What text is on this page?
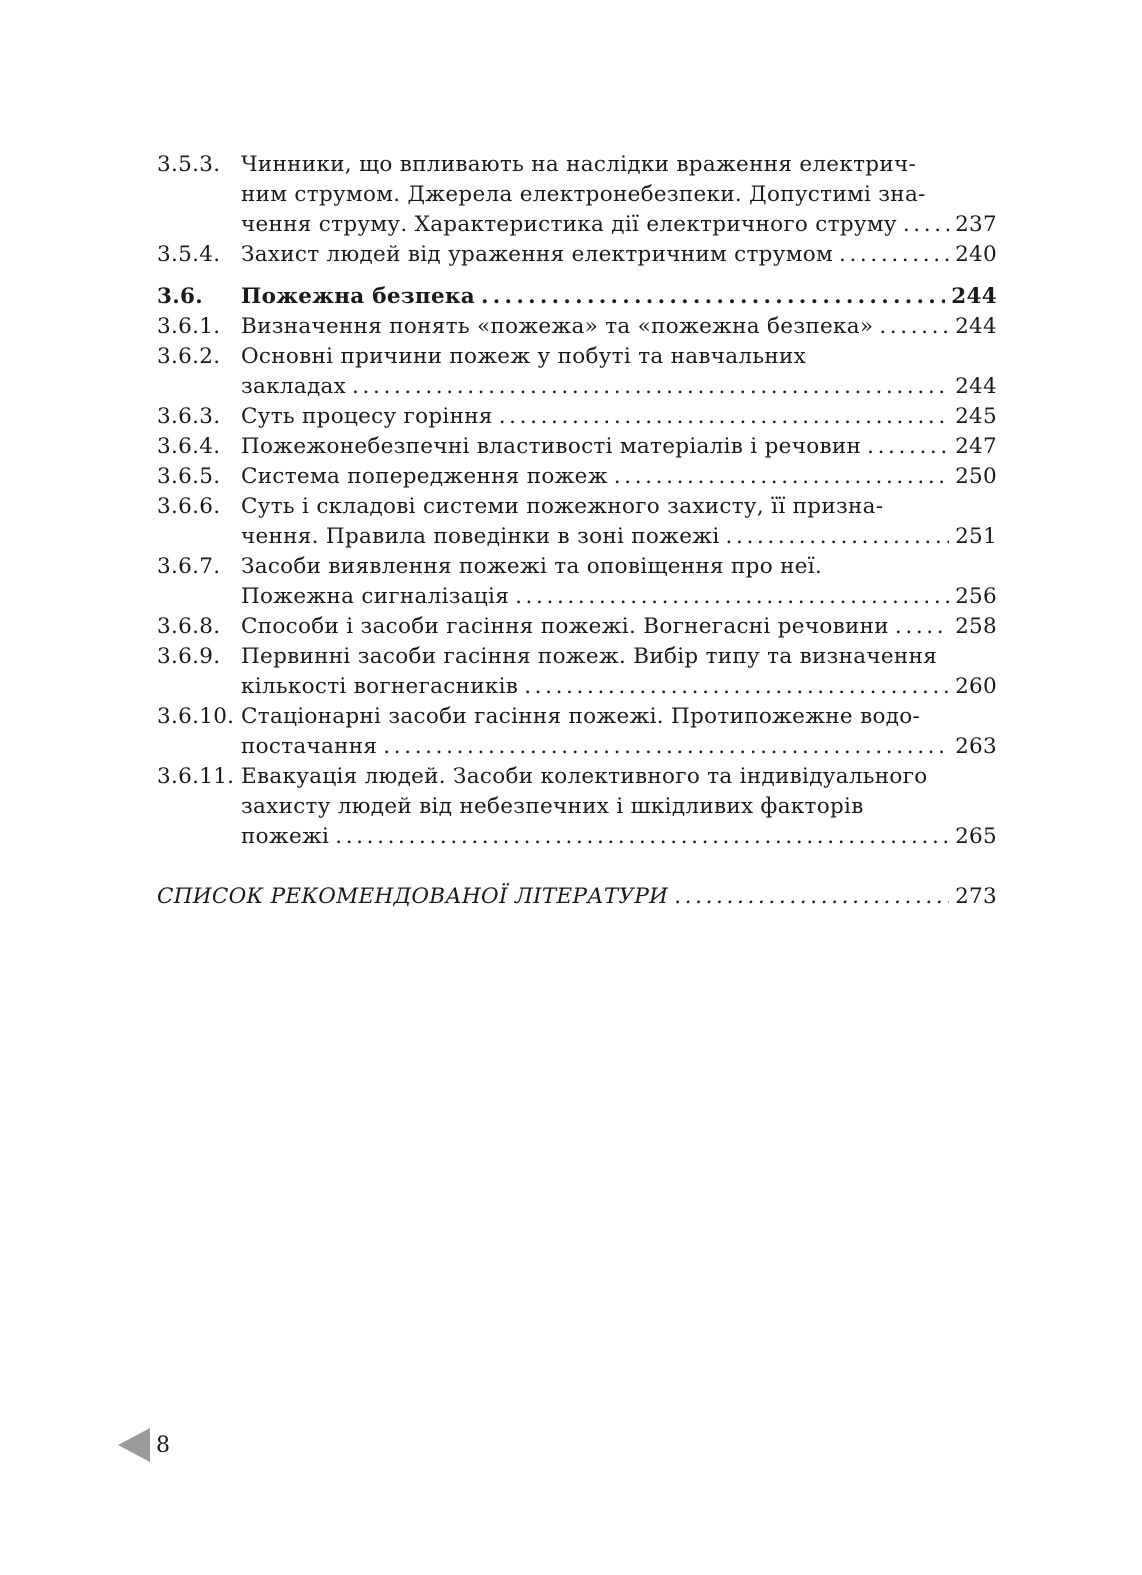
3.5.3. Чинники, що впливають на наслідки враження електрич-
ним струмом. Джерела електронебезпеки. Допустимі зна-
чення струму. Характеристика дії електричного струму . . .	237
3.5.4. Захист людей від ураження електричним струмом . . .	240
3.6.	Пожежна безпека . . .	244
3.6.1. Визначення понять «пожежа» та «пожежна безпека» . . .	244
3.6.2. Основні причини пожеж у побуті та навчальних
закладах . . .	244
3.6.3. Суть процесу горіння . . .	245
3.6.4. Пожежонебезпечні властивості матеріалів і речовин . . .	247
3.6.5. Система попередження пожеж . . .	250
3.6.6. Суть і складові системи пожежного захисту, її призна-
чення. Правила поведінки в зоні пожежі . . .	251
3.6.7. Засоби виявлення пожежі та оповіщення про неї.
Пожежна сигналізація . . .	256
3.6.8. Способи і засоби гасіння пожежі. Вогнегасні речовини . . .	258
3.6.9. Первинні засоби гасіння пожеж. Вибір типу та визначення
кількості вогнегасників . . .	260
3.6.10. Стаціонарні засоби гасіння пожежі. Протипожежне водо-
постачання . . .	263
3.6.11. Евакуація людей. Засоби колективного та індивідуального
захисту людей від небезпечних і шкідливих факторів
пожежі . . .	265
СПИСОК РЕКОМЕНДОВАНОЇ ЛІТЕРАТУРИ . . .	273
8
